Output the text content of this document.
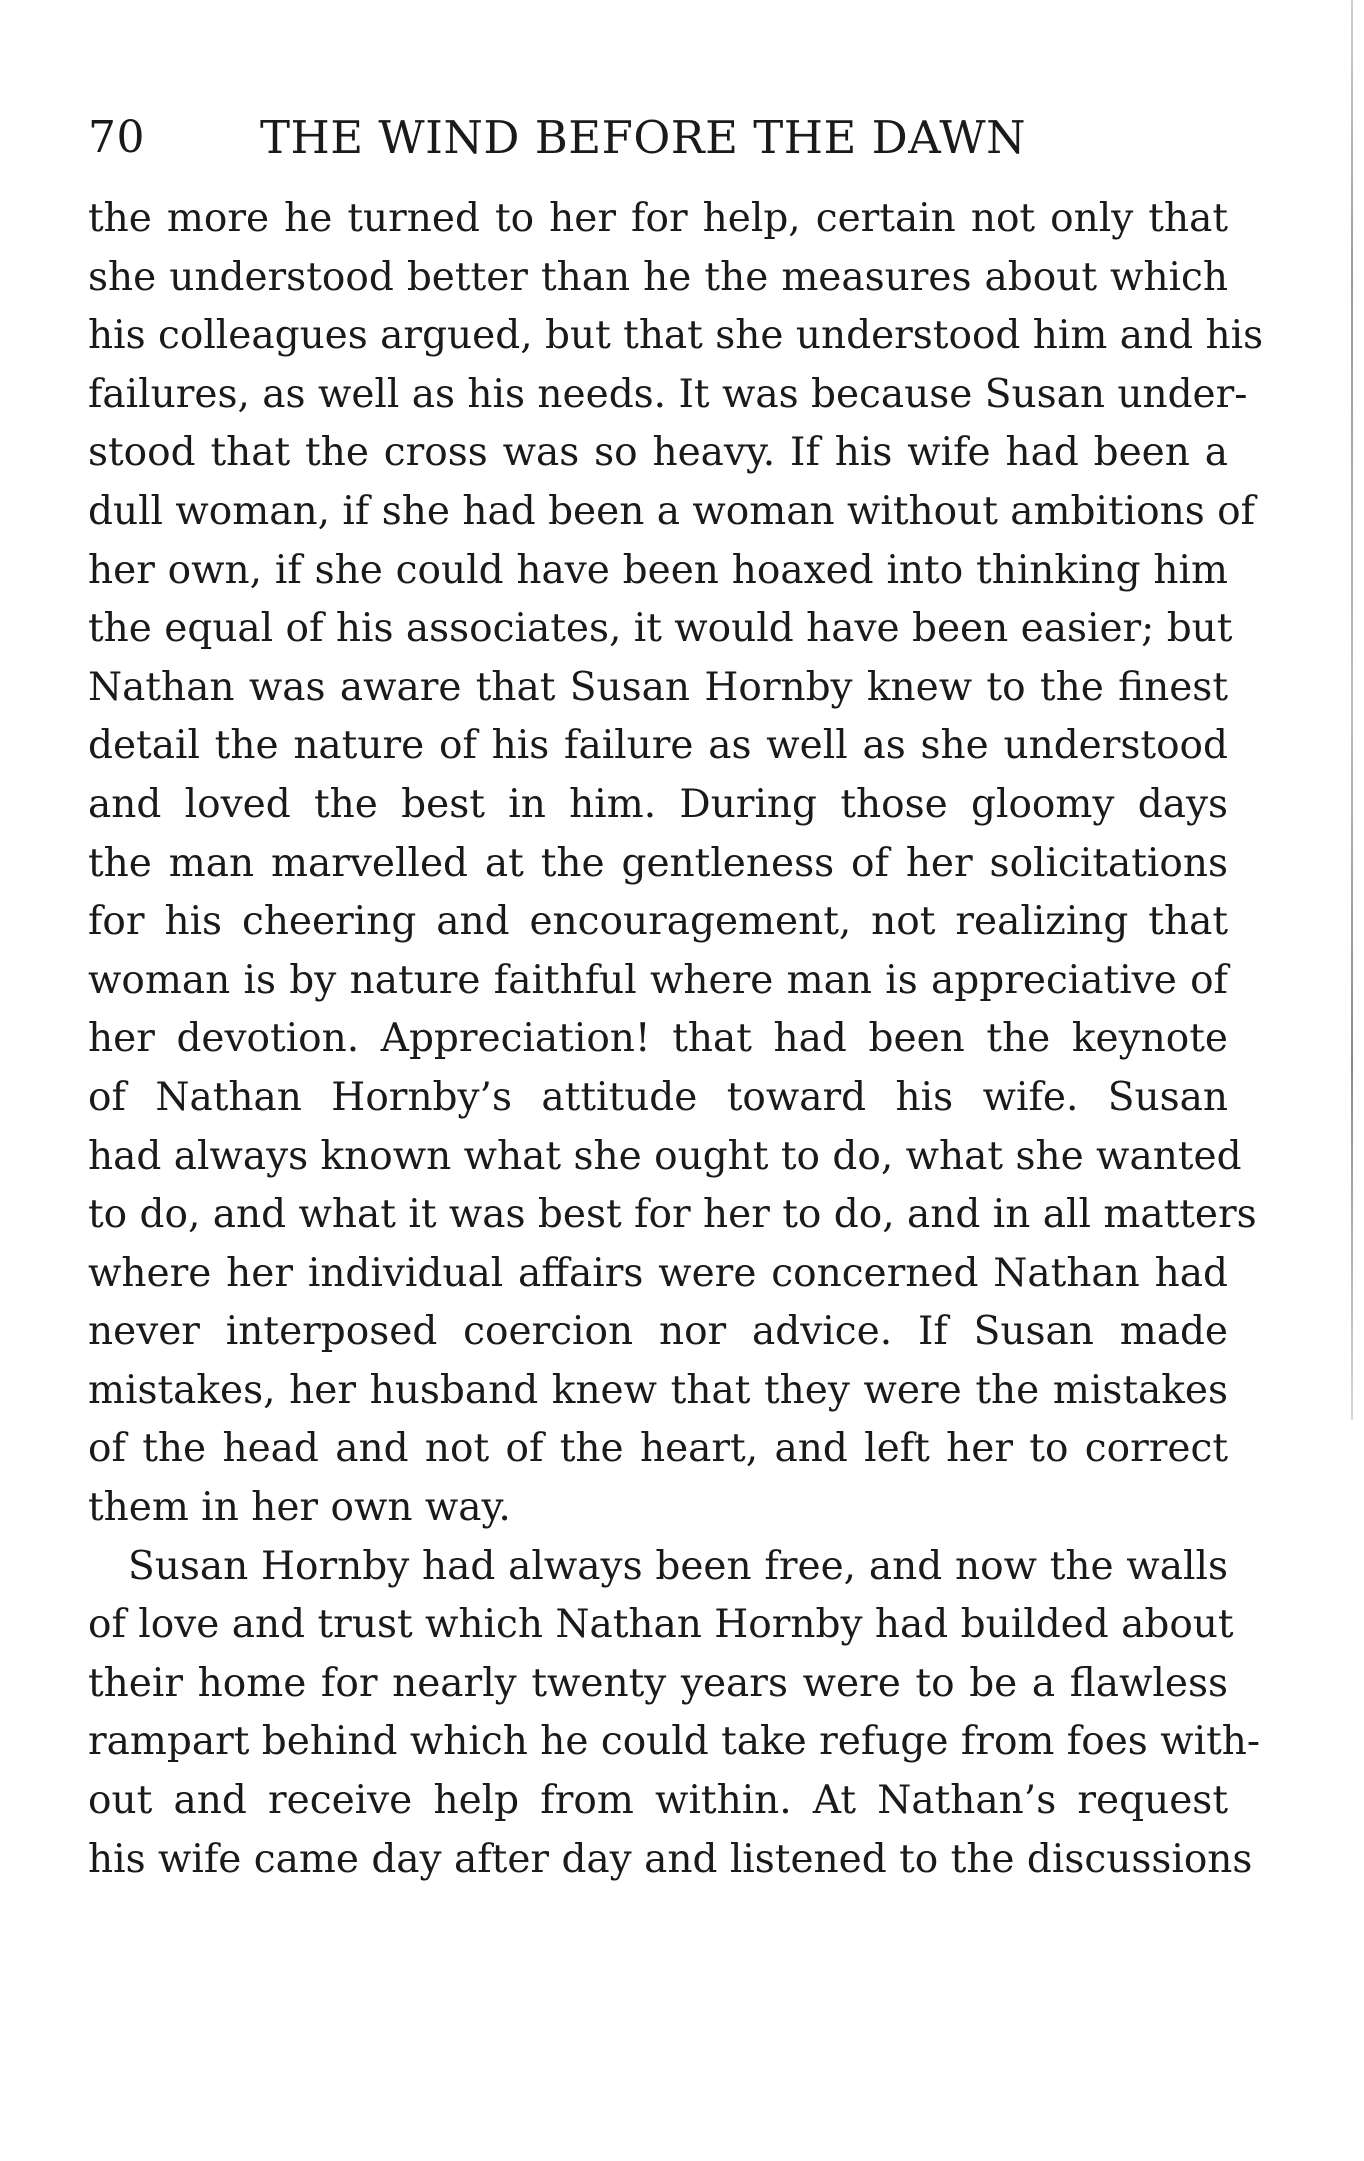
70	THE WIND BEFORE THE DAWN
the more he turned to her for help, certain not only that
she understood better than he the measures about which
his colleagues argued, but that she understood him and his
failures, as well as his needs. It was because Susan under-
stood that the cross was so heavy. If his wife had been a
dull woman, if she had been a woman without ambitions of
her own, if she could have been hoaxed into thinking him
the equal of his associates, it would have been easier; but
Nathan was aware that Susan Hornby knew to the finest
detail the nature of his failure as well as she understood
and loved the best in him. During those gloomy days
the man marvelled at the gentleness of her solicitations
for his cheering and encouragement, not realizing that
woman is by nature faithful where man is appreciative of
her devotion. Appreciation! that had been the keynote
of Nathan Hornby’s attitude toward his wife. Susan
had always known what she ought to do, what she wanted
to do, and what it was best for her to do, and in all matters
where her individual affairs were concerned Nathan had
never interposed coercion nor advice. If Susan made
mistakes, her husband knew that they were the mistakes
of the head and not of the heart, and left her to correct
them in her own way.
Susan Hornby had always been free, and now the walls
of love and trust which Nathan Hornby had builded about
their home for nearly twenty years were to be a flawless
rampart behind which he could take refuge from foes with-
out and receive help from within. At Nathan’s request
his wife came day after day and listened to the discussions
